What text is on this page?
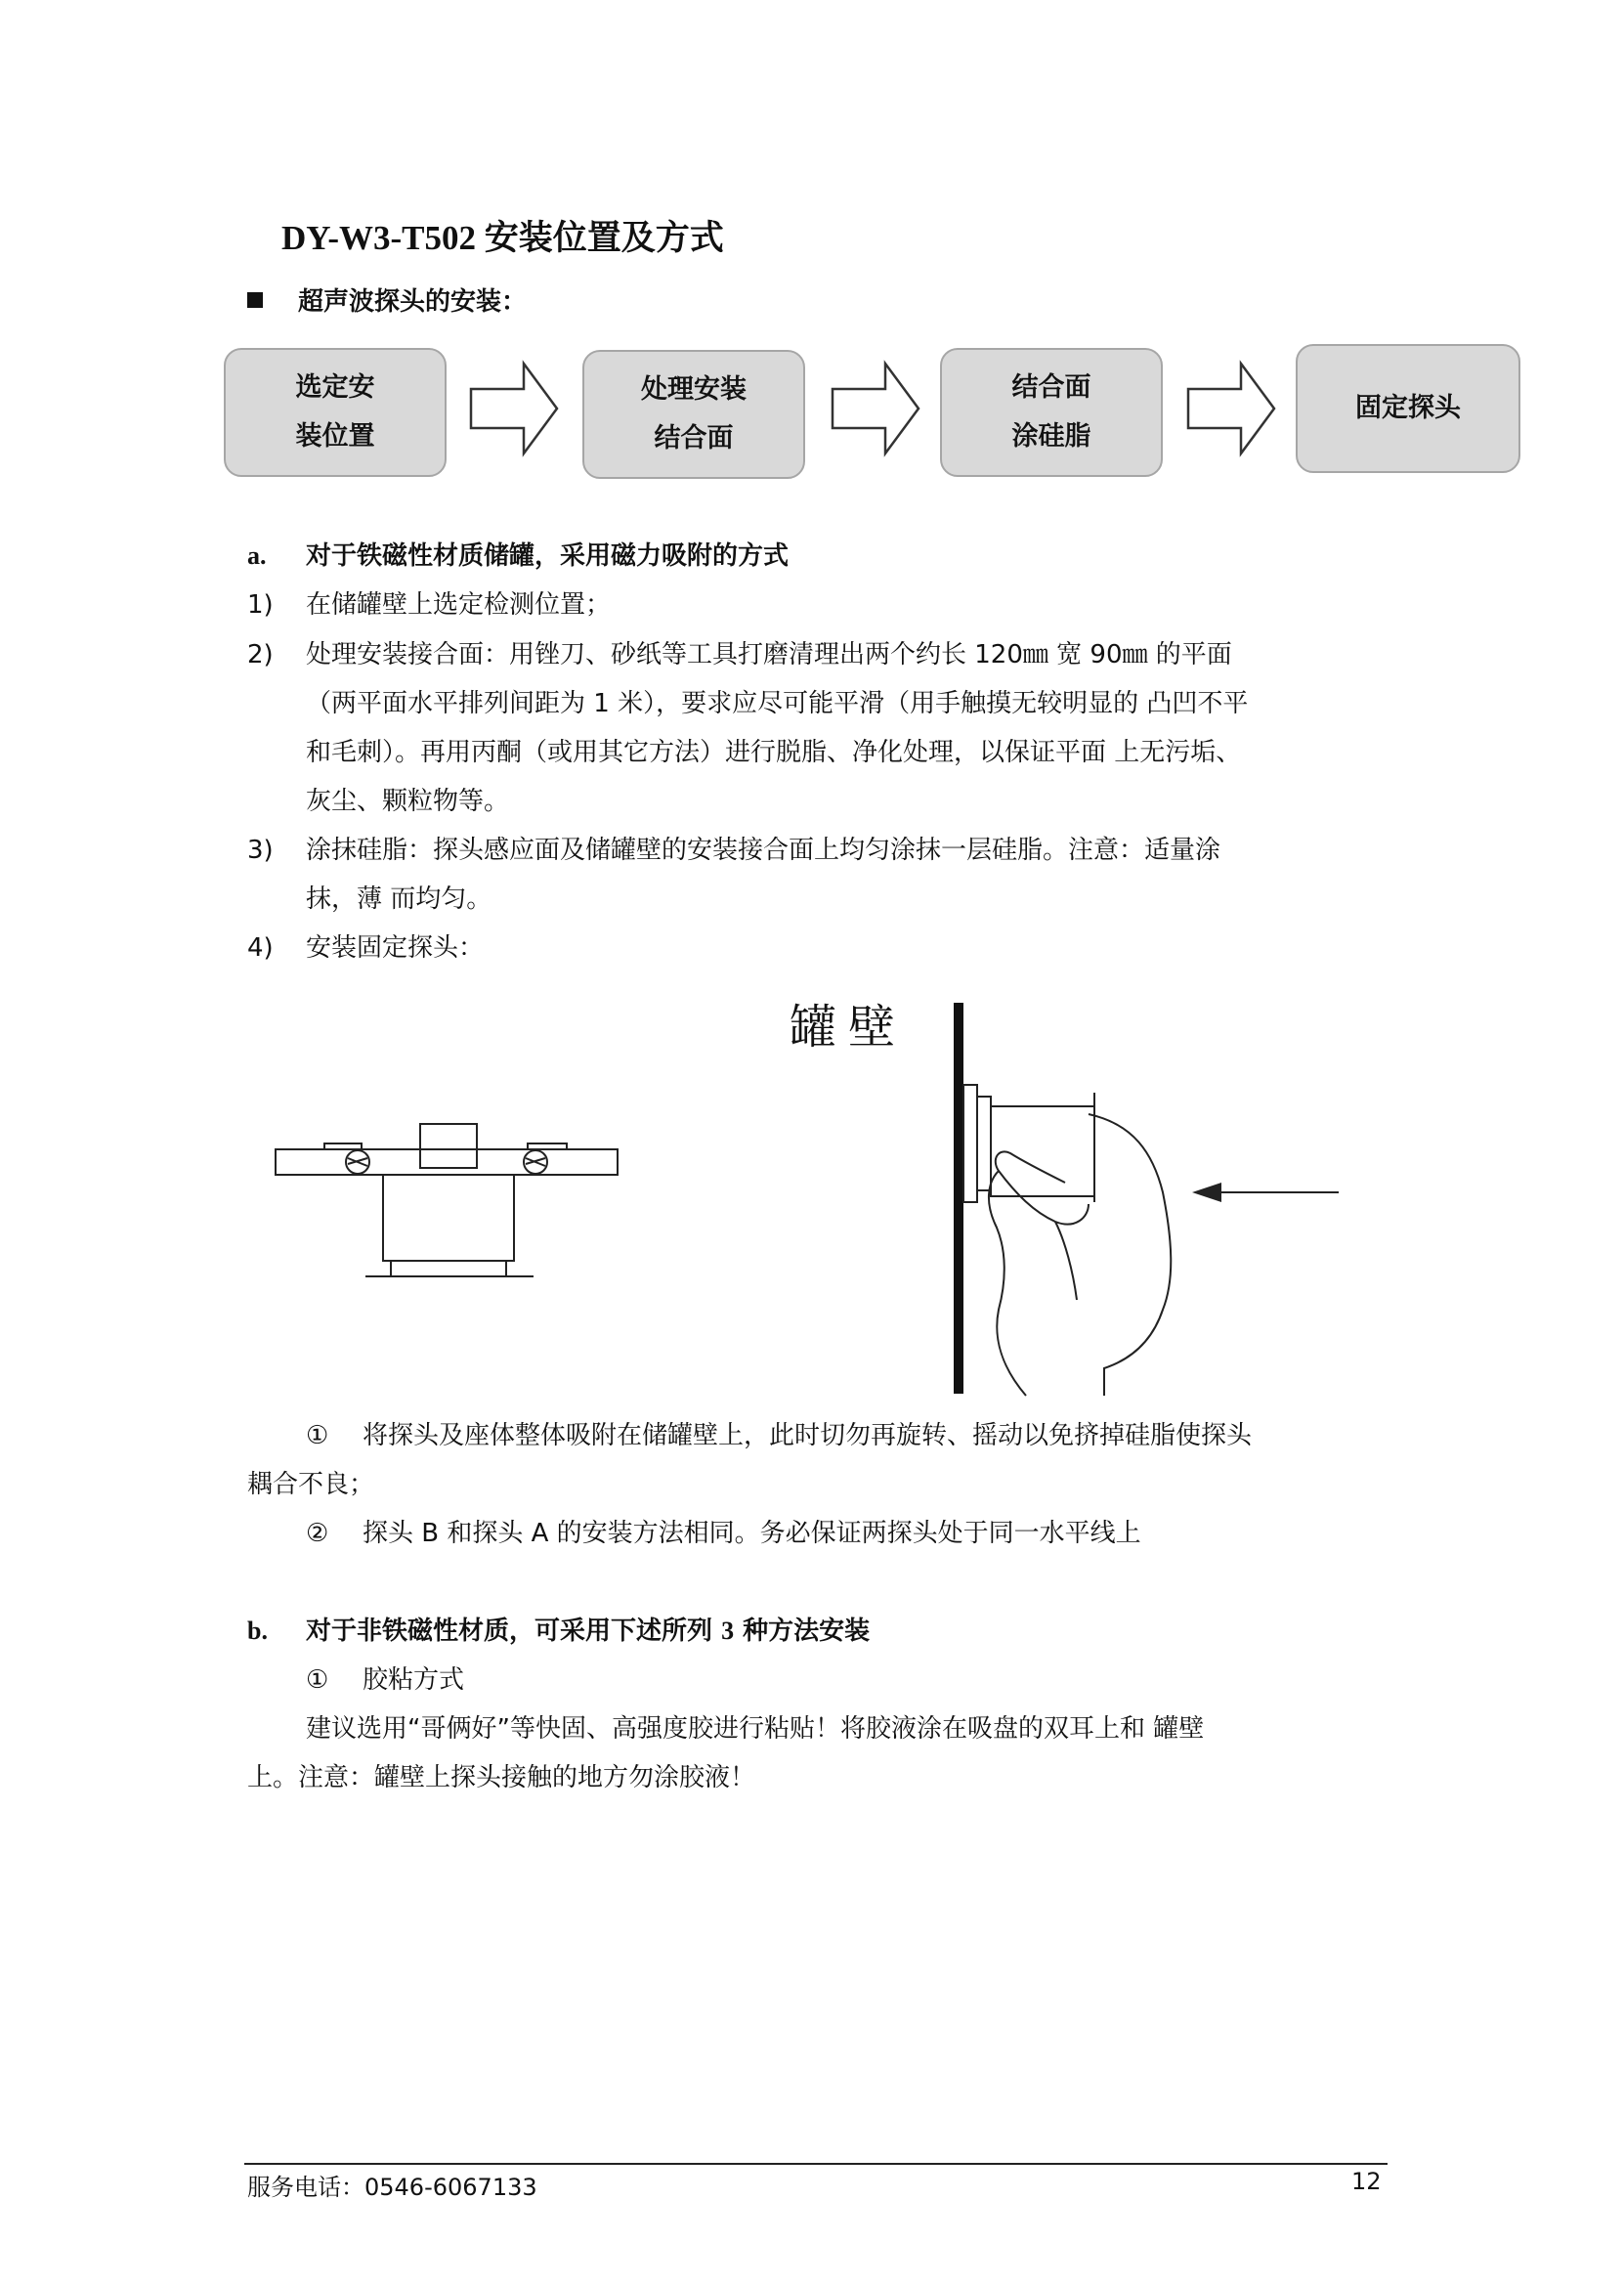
DY-W3-T502 安装位置及方式
超声波探头的安装：
选定安
装位置
处理安装
结合面
结合面
涂硅脂
固定探头
a. 对于铁磁性材质储罐，采用磁力吸附的方式
1) 在储罐壁上选定检测位置；
2) 处理安装接合面：用锉刀、砂纸等工具打磨清理出两个约长 120㎜ 宽 90㎜ 的平面
（两平面水平排列间距为 1 米），要求应尽可能平滑（用手触摸无较明显的 凸凹不平
和毛刺）。再用丙酮（或用其它方法）进行脱脂、净化处理，以保证平面 上无污垢、
灰尘、颗粒物等。
3) 涂抹硅脂：探头感应面及储罐壁的安装接合面上均匀涂抹一层硅脂。注意：适量涂
抹，薄 而均匀。
4) 安装固定探头：
罐壁
① 将探头及座体整体吸附在储罐壁上，此时切勿再旋转、摇动以免挤掉硅脂使探头
耦合不良；
② 探头 B 和探头 A 的安装方法相同。务必保证两探头处于同一水平线上
b. 对于非铁磁性材质，可采用下述所列 3 种方法安装
① 胶粘方式
建议选用“哥俩好”等快固、高强度胶进行粘贴！将胶液涂在吸盘的双耳上和 罐壁
上。注意：罐壁上探头接触的地方勿涂胶液！
服务电话：0546-6067133	12
